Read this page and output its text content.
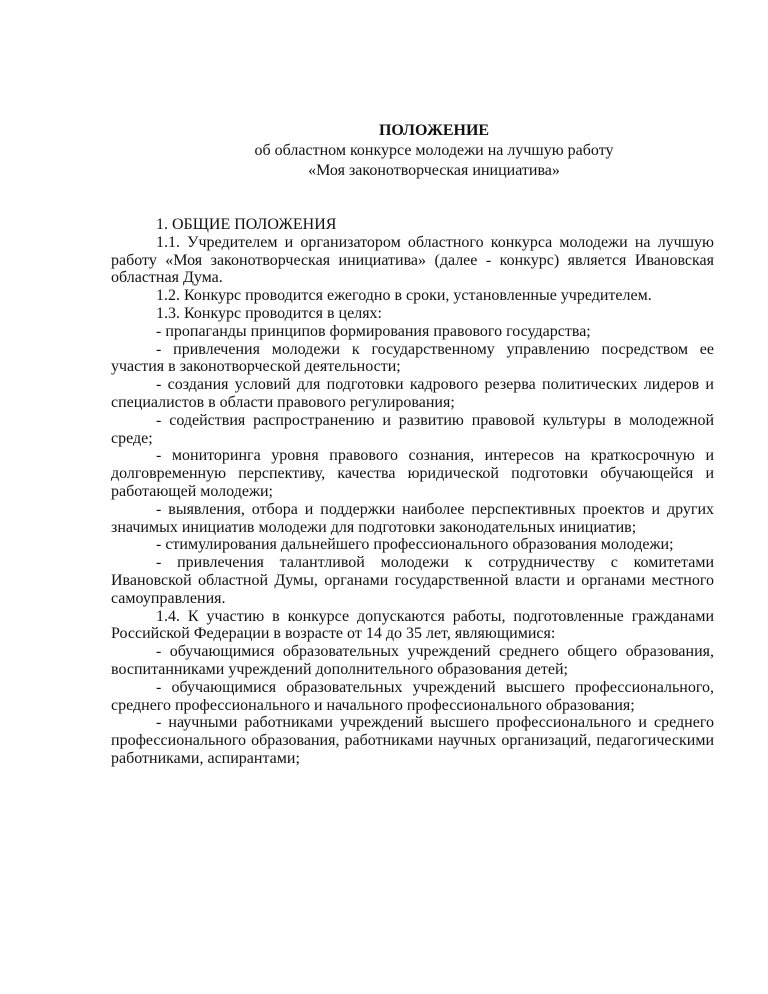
ПОЛОЖЕНИЕ
об областном конкурсе молодежи на лучшую работу
«Моя законотворческая инициатива»

1. ОБЩИЕ ПОЛОЖЕНИЯ

1.1. Учредителем и организатором областного конкурса молодежи на лучшую работу «Моя законотворческая инициатива» (далее - конкурс) является Ивановская областная Дума.

1.2. Конкурс проводится ежегодно в сроки, установленные учредителем.

1.3. Конкурс проводится в целях:

- пропаганды принципов формирования правового государства;

- привлечения молодежи к государственному управлению посредством ее участия в законотворческой деятельности;

- создания условий для подготовки кадрового резерва политических лидеров и специалистов в области правового регулирования;

- содействия распространению и развитию правовой культуры в молодежной среде;

- мониторинга уровня правового сознания, интересов на краткосрочную и долговременную перспективу, качества юридической подготовки обучающейся и работающей молодежи;

- выявления, отбора и поддержки наиболее перспективных проектов и других значимых инициатив молодежи для подготовки законодательных инициатив;

- стимулирования дальнейшего профессионального образования молодежи;

- привлечения талантливой молодежи к сотрудничеству с комитетами Ивановской областной Думы, органами государственной власти и органами местного самоуправления.

1.4. К участию в конкурсе допускаются работы, подготовленные гражданами Российской Федерации в возрасте от 14 до 35 лет, являющимися:

- обучающимися образовательных учреждений среднего общего образования, воспитанниками учреждений дополнительного образования детей;

- обучающимися образовательных учреждений высшего профессионального, среднего профессионального и начального профессионального образования;

- научными работниками учреждений высшего профессионального и среднего профессионального образования, работниками научных организаций, педагогическими работниками, аспирантами;
